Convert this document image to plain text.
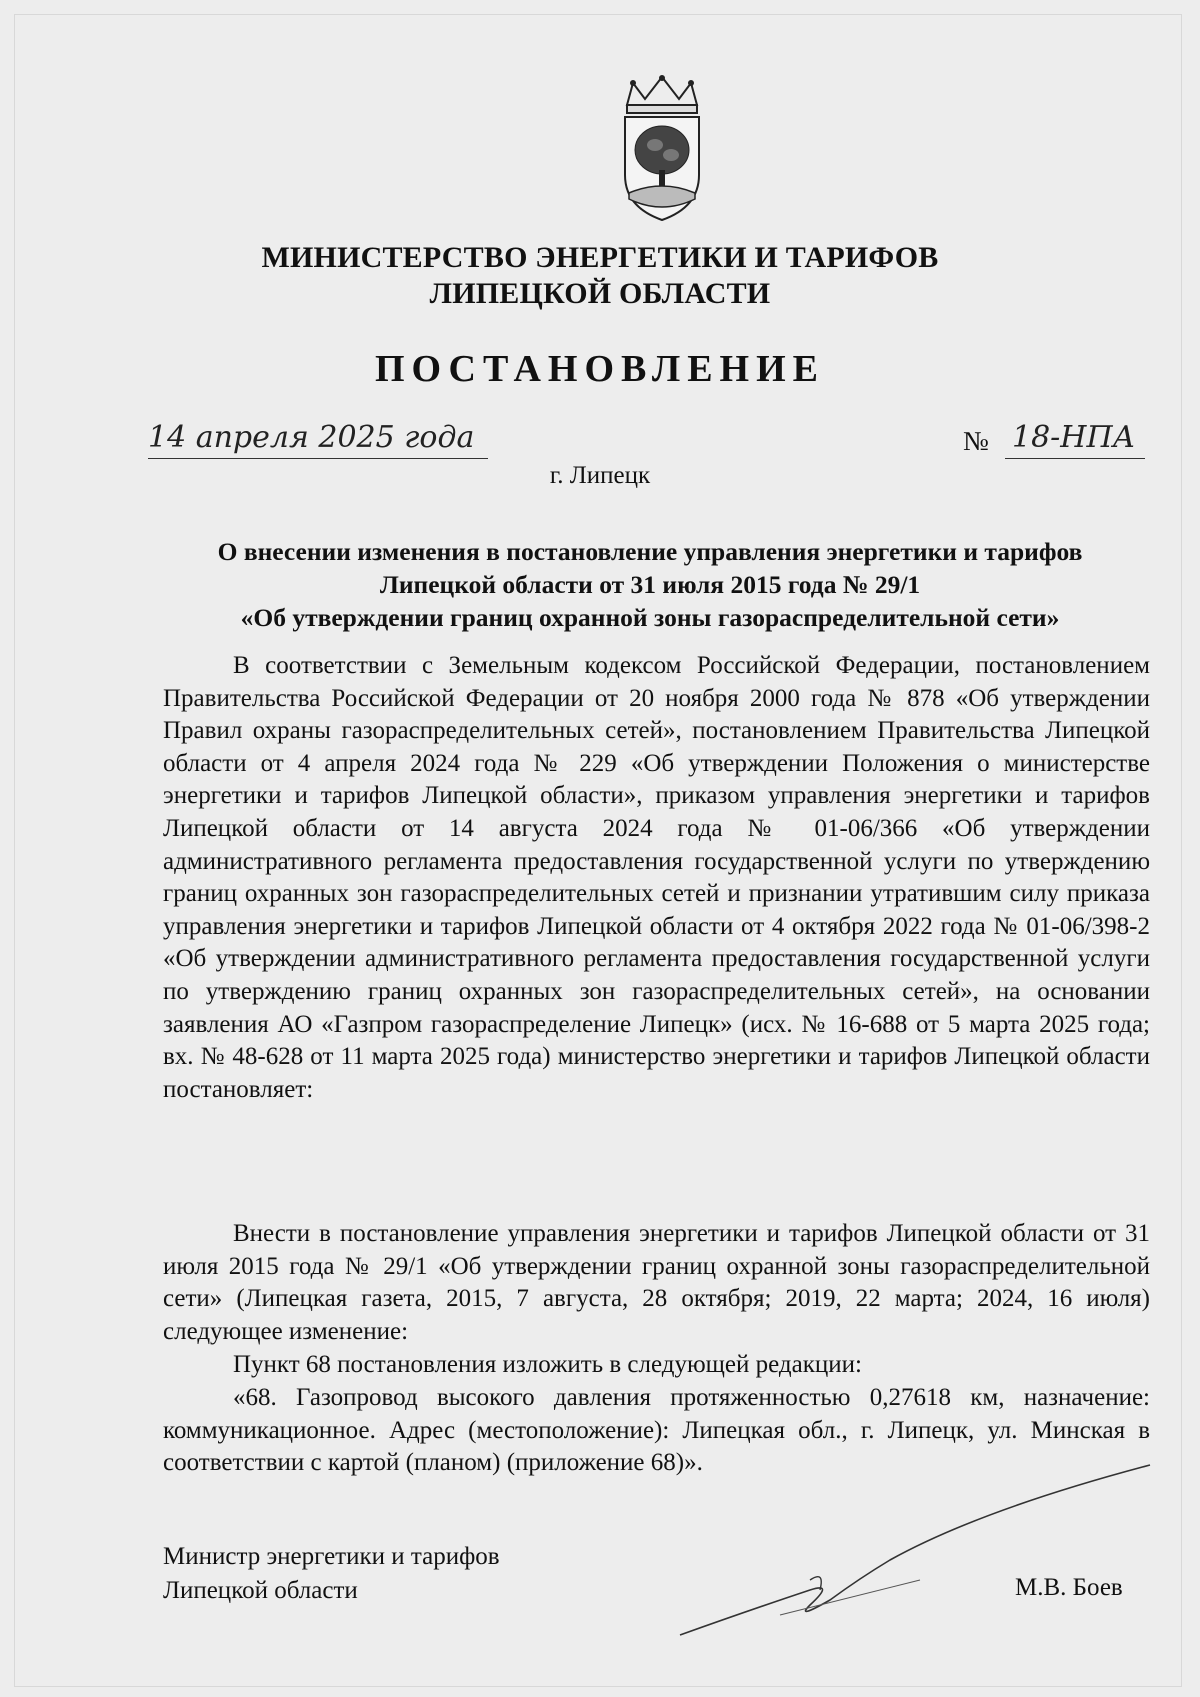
МИНИСТЕРСТВО ЭНЕРГЕТИКИ И ТАРИФОВ
ЛИПЕЦКОЙ ОБЛАСТИ
ПОСТАНОВЛЕНИЕ
14 апреля 2025 года	№ 18-НПА
г. Липецк
О внесении изменения в постановление управления энергетики и тарифов
Липецкой области от 31 июля 2015 года № 29/1
«Об утверждении границ охранной зоны газораспределительной сети»

В соответствии с Земельным кодексом Российской Федерации, постановлением Правительства Российской Федерации от 20 ноября 2000 года № 878 «Об утверждении Правил охраны газораспределительных сетей», постановлением Правительства Липецкой области от 4 апреля 2024 года № 229 «Об утверждении Положения о министерстве энергетики и тарифов Липецкой области», приказом управления энергетики и тарифов Липецкой области от 14 августа 2024 года № 01-06/366 «Об утверждении административного регламента предоставления государственной услуги по утверждению границ охранных зон газораспределительных сетей и признании утратившим силу приказа управления энергетики и тарифов Липецкой области от 4 октября 2022 года № 01-06/398-2 «Об утверждении административного регламента предоставления государственной услуги по утверждению границ охранных зон газораспределительных сетей», на основании заявления АО «Газпром газораспределение Липецк» (исх. № 16-688 от 5 марта 2025 года; вх. № 48-628 от 11 марта 2025 года) министерство энергетики и тарифов Липецкой области постановляет:

Внести в постановление управления энергетики и тарифов Липецкой области от 31 июля 2015 года № 29/1 «Об утверждении границ охранной зоны газораспределительной сети» (Липецкая газета, 2015, 7 августа, 28 октября; 2019, 22 марта; 2024, 16 июля) следующее изменение:

Пункт 68 постановления изложить в следующей редакции:

«68. Газопровод высокого давления протяженностью 0,27618 км, назначение: коммуникационное. Адрес (местоположение): Липецкая обл., г. Липецк, ул. Минская в соответствии с картой (планом) (приложение 68)».

Министр энергетики и тарифов
Липецкой области	М.В. Боев
